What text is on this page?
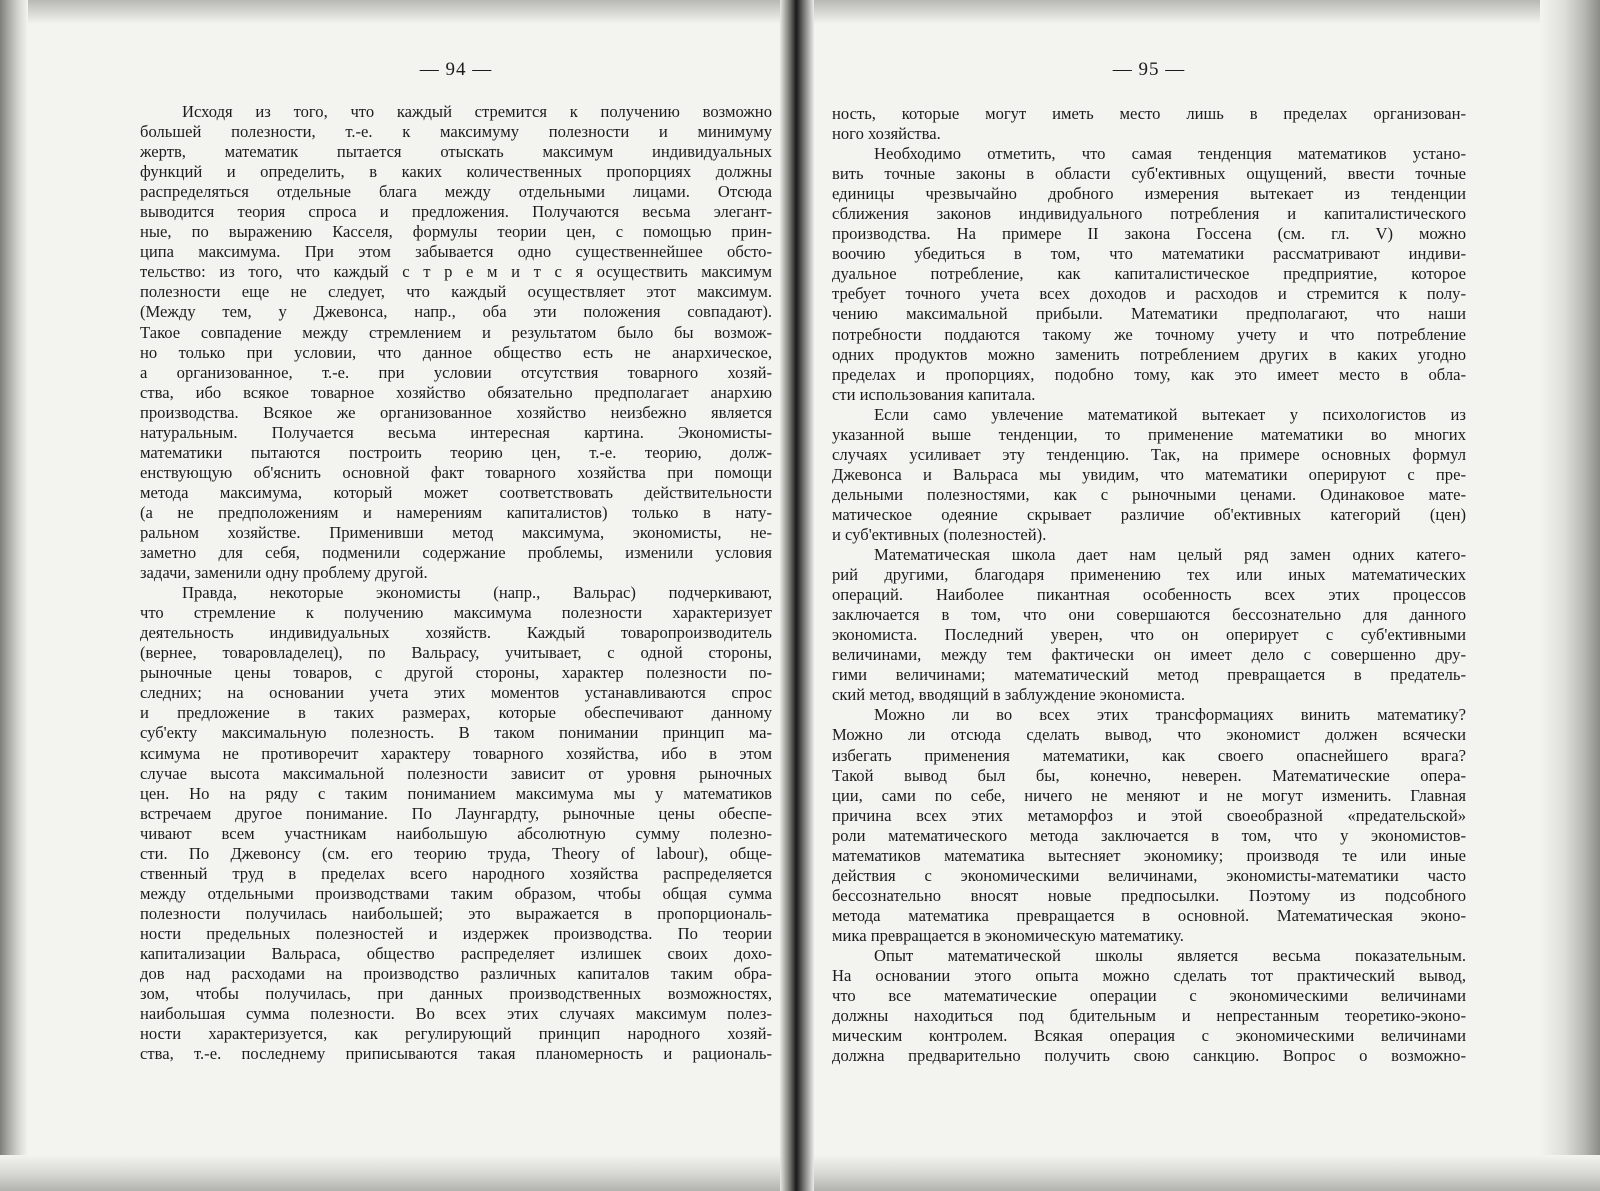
— 94 —
Исходя из того, что каждый стремится к получению возможно
большей полезности, т.-е. к максимуму полезности и минимуму
жертв, математик пытается отыскать максимум индивидуальных
функций и определить, в каких количественных пропорциях должны
распределяться отдельные блага между отдельными лицами. Отсюда
выводится теория спроса и предложения. Получаются весьма элегант-
ные, по выражению Касселя, формулы теории цен, с помощью прин-
ципа максимума. При этом забывается одно существеннейшее обсто-
тельство: из того, что каждый с т р е м и т с я осуществить максимум
полезности еще не следует, что каждый осуществляет этот максимум.
(Между тем, у Джевонса, напр., оба эти положения совпадают).
Такое совпадение между стремлением и результатом было бы возмож-
но только при условии, что данное общество есть не анархическое,
а организованное, т.-е. при условии отсутствия товарного хозяй-
ства, ибо всякое товарное хозяйство обязательно предполагает анархию
производства. Всякое же организованное хозяйство неизбежно является
натуральным. Получается весьма интересная картина. Экономисты-
математики пытаются построить теорию цен, т.-е. теорию, долж-
енствующую об'яснить основной факт товарного хозяйства при помощи
метода максимума, который может соответствовать действительности
(а не предположениям и намерениям капиталистов) только в нату-
ральном хозяйстве. Применивши метод максимума, экономисты, не-
заметно для себя, подменили содержание проблемы, изменили условия
задачи, заменили одну проблему другой.
Правда, некоторые экономисты (напр., Вальрас) подчеркивают,
что стремление к получению максимума полезности характеризует
деятельность индивидуальных хозяйств. Каждый товаропроизводитель
(вернее, товаровладелец), по Вальрасу, учитывает, с одной стороны,
рыночные цены товаров, с другой стороны, характер полезности по-
следних; на основании учета этих моментов устанавливаются спрос
и предложение в таких размерах, которые обеспечивают данному
суб'екту максимальную полезность. В таком понимании принцип ма-
ксимума не противоречит характеру товарного хозяйства, ибо в этом
случае высота максимальной полезности зависит от уровня рыночных
цен. Но на ряду с таким пониманием максимума мы у математиков
встречаем другое понимание. По Лаунгардту, рыночные цены обеспе-
чивают всем участникам наибольшую абсолютную сумму полезно-
сти. По Джевонсу (см. его теорию труда, Theory of labour), обще-
ственный труд в пределах всего народного хозяйства распределяется
между отдельными производствами таким образом, чтобы общая сумма
полезности получилась наибольшей; это выражается в пропорциональ-
ности предельных полезностей и издержек производства. По теории
капитализации Вальраса, общество распределяет излишек своих дохо-
дов над расходами на производство различных капиталов таким обра-
зом, чтобы получилась, при данных производственных возможностях,
наибольшая сумма полезности. Во всех этих случаях максимум полез-
ности характеризуется, как регулирующий принцип народного хозяй-
ства, т.-е. последнему приписываются такая планомерность и рациональ-
— 95 —
ность, которые могут иметь место лишь в пределах организован-
ного хозяйства.
Необходимо отметить, что самая тенденция математиков устано-
вить точные законы в области суб'ективных ощущений, ввести точные
единицы чрезвычайно дробного измерения вытекает из тенденции
сближения законов индивидуального потребления и капиталистического
производства. На примере II закона Госсена (см. гл. V) можно
воочию убедиться в том, что математики рассматривают индиви-
дуальное потребление, как капиталистическое предприятие, которое
требует точного учета всех доходов и расходов и стремится к полу-
чению максимальной прибыли. Математики предполагают, что наши
потребности поддаются такому же точному учету и что потребление
одних продуктов можно заменить потреблением других в каких угодно
пределах и пропорциях, подобно тому, как это имеет место в обла-
сти использования капитала.
Если само увлечение математикой вытекает у психологистов из
указанной выше тенденции, то применение математики во многих
случаях усиливает эту тенденцию. Так, на примере основных формул
Джевонса и Вальраса мы увидим, что математики оперируют с пре-
дельными полезностями, как с рыночными ценами. Одинаковое мате-
матическое одеяние скрывает различие об'ективных категорий (цен)
и суб'ективных (полезностей).
Математическая школа дает нам целый ряд замен одних катего-
рий другими, благодаря применению тех или иных математических
операций. Наиболее пикантная особенность всех этих процессов
заключается в том, что они совершаются бессознательно для данного
экономиста. Последний уверен, что он оперирует с суб'ективными
величинами, между тем фактически он имеет дело с совершенно дру-
гими величинами; математический метод превращается в предатель-
ский метод, вводящий в заблуждение экономиста.
Можно ли во всех этих трансформациях винить математику?
Можно ли отсюда сделать вывод, что экономист должен всячески
избегать применения математики, как своего опаснейшего врага?
Такой вывод был бы, конечно, неверен. Математические опера-
ции, сами по себе, ничего не меняют и не могут изменить. Главная
причина всех этих метаморфоз и этой своеобразной «предательской»
роли математического метода заключается в том, что у экономистов-
математиков математика вытесняет экономику; производя те или иные
действия с экономическими величинами, экономисты-математики часто
бессознательно вносят новые предпосылки. Поэтому из подсобного
метода математика превращается в основной. Математическая эконо-
мика превращается в экономическую математику.
Опыт математической школы является весьма показательным.
На основании этого опыта можно сделать тот практический вывод,
что все математические операции с экономическими величинами
должны находиться под бдительным и непрестанным теоретико-эконо-
мическим контролем. Всякая операция с экономическими величинами
должна предварительно получить свою санкцию. Вопрос о возможно-
